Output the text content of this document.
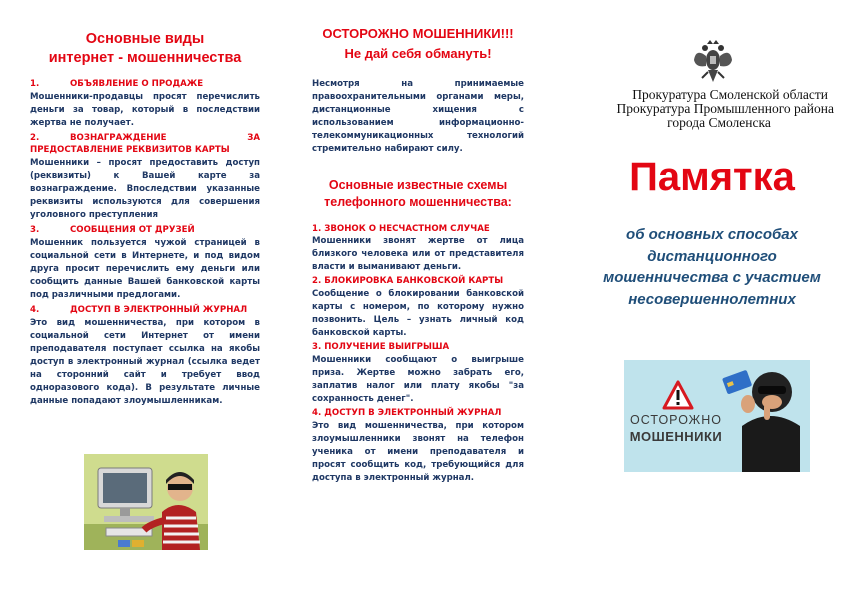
Основные виды
интернет - мошенничества
1.	ОБЪЯВЛЕНИЕ О ПРОДАЖЕ
Мошенники-продавцы просят перечислить деньги за товар, который в последствии жертва не получает.
2.	ВОЗНАГРАЖДЕНИЕ	ЗА
ПРЕДОСТАВЛЕНИЕ РЕКВИЗИТОВ КАРТЫ
Мошенники – просят предоставить доступ (реквизиты) к Вашей карте за вознаграждение. Впоследствии указанные реквизиты используются для совершения уголовного преступления
3.	СООБЩЕНИЯ ОТ ДРУЗЕЙ
Мошенник пользуется чужой страницей в социальной сети в Интернете, и под видом друга просит перечислить ему деньги или сообщить данные Вашей банковской карты под различными предлогами.
4.	ДОСТУП В ЭЛЕКТРОННЫЙ ЖУРНАЛ
Это вид мошенничества, при котором в социальной сети Интернет от имени преподавателя поступает ссылка на якобы доступ в электронный журнал (ссылка ведет на сторонний сайт и требует ввод одноразового кода). В результате личные данные попадают злоумышленникам.
ОСТОРОЖНО МОШЕННИКИ!!!
Не дай себя обмануть!
Несмотря на принимаемые правоохранительными органами меры, дистанционные хищения с использованием информационно-телекоммуникационных технологий стремительно набирают силу.
Основные известные схемы
телефонного мошенничества:
1. ЗВОНОК О НЕСЧАСТНОМ СЛУЧАЕ
Мошенники звонят жертве от лица близкого человека или от представителя власти и выманивают деньги.
2. БЛОКИРОВКА БАНКОВСКОЙ КАРТЫ
Сообщение о блокировании банковской карты с номером, по которому нужно позвонить. Цель – узнать личный код банковской карты.
3. ПОЛУЧЕНИЕ ВЫИГРЫША
Мошенники сообщают о выигрыше приза. Жертве можно забрать его, заплатив налог или плату якобы "за сохранность денег".
4. ДОСТУП В ЭЛЕКТРОННЫЙ ЖУРНАЛ
Это вид мошенничества, при котором злоумышленники звонят на телефон ученика от имени преподавателя и просят сообщить код, требующийся для доступа в электронный журнал.
Прокуратура Смоленской области
Прокуратура Промышленного района
города Смоленска
Памятка
об основных способах
дистанционного
мошенничества с участием
несовершеннолетних
ОСТОРОЖНО
МОШЕННИКИ
